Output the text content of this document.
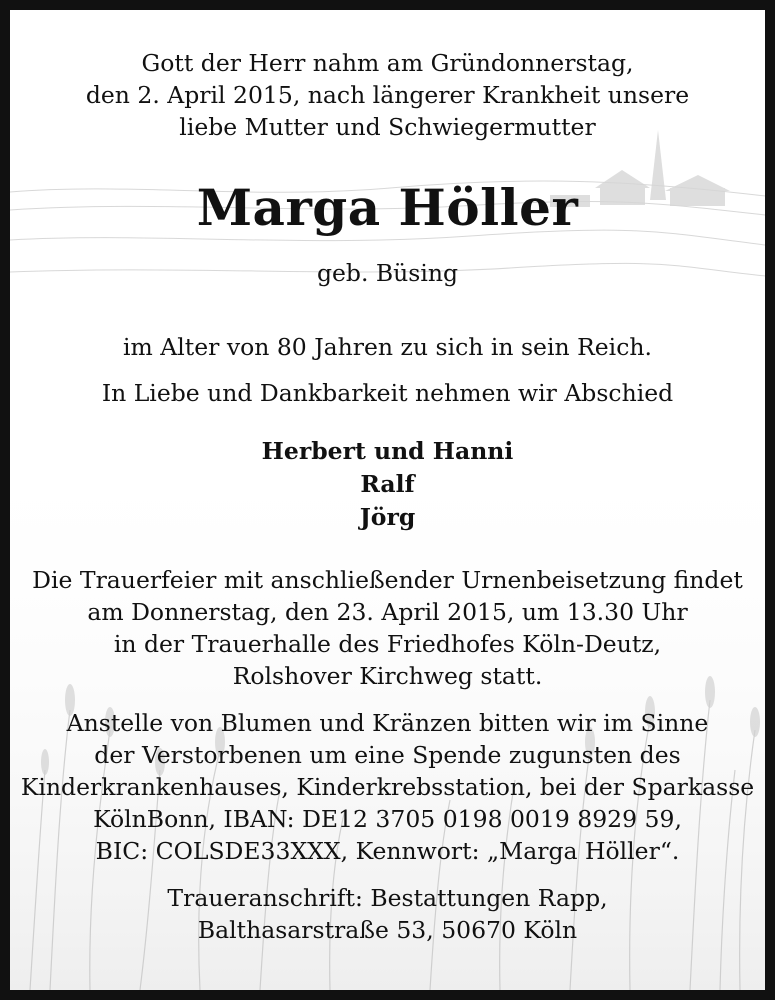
Gott der Herr nahm am Gründonnerstag,
den 2. April 2015, nach längerer Krankheit unsere
liebe Mutter und Schwiegermutter
Marga Höller
geb. Büsing
im Alter von 80 Jahren zu sich in sein Reich.
In Liebe und Dankbarkeit nehmen wir Abschied
Herbert und Hanni
Ralf
Jörg
Die Trauerfeier mit anschließender Urnenbeisetzung findet
am Donnerstag, den 23. April 2015, um 13.30 Uhr
in der Trauerhalle des Friedhofes Köln-Deutz,
Rolshover Kirchweg statt.
Anstelle von Blumen und Kränzen bitten wir im Sinne
der Verstorbenen um eine Spende zugunsten des
Kinderkrankenhauses, Kinderkrebsstation, bei der Sparkasse
KölnBonn, IBAN: DE12 3705 0198 0019 8929 59,
BIC: COLSDE33XXX, Kennwort: „Marga Höller“.
Traueranschrift: Bestattungen Rapp,
Balthasarstraße 53, 50670 Köln
